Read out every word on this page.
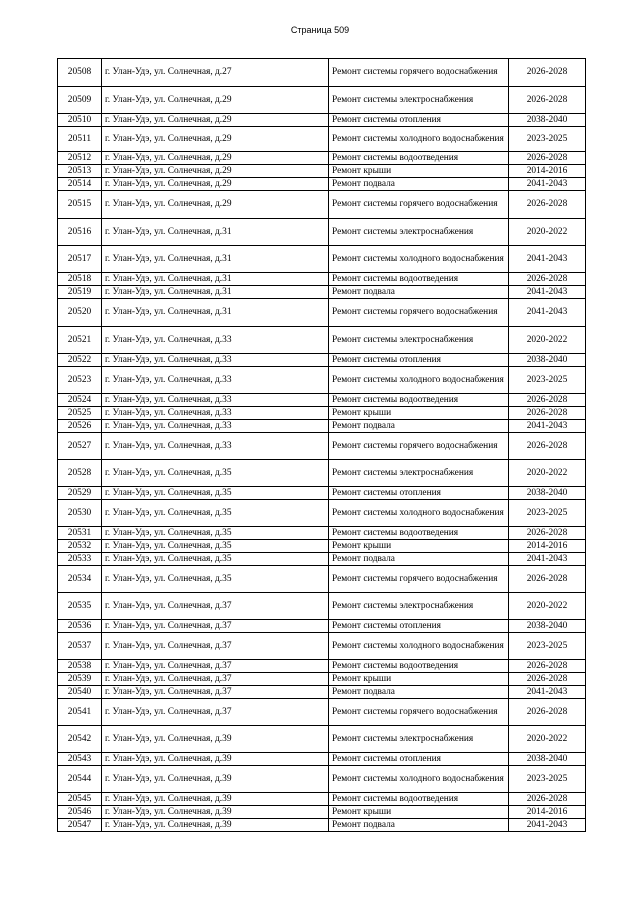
Страница 509
20508	г. Улан-Удэ, ул. Солнечная, д.27	Ремонт системы горячего водоснабжения	2026-2028
20509	г. Улан-Удэ, ул. Солнечная, д.29	Ремонт системы электроснабжения	2026-2028
20510	г. Улан-Удэ, ул. Солнечная, д.29	Ремонт системы отопления	2038-2040
20511	г. Улан-Удэ, ул. Солнечная, д.29	Ремонт системы холодного водоснабжения	2023-2025
20512	г. Улан-Удэ, ул. Солнечная, д.29	Ремонт системы водоотведения	2026-2028
20513	г. Улан-Удэ, ул. Солнечная, д.29	Ремонт крыши	2014-2016
20514	г. Улан-Удэ, ул. Солнечная, д.29	Ремонт подвала	2041-2043
20515	г. Улан-Удэ, ул. Солнечная, д.29	Ремонт системы горячего водоснабжения	2026-2028
20516	г. Улан-Удэ, ул. Солнечная, д.31	Ремонт системы электроснабжения	2020-2022
20517	г. Улан-Удэ, ул. Солнечная, д.31	Ремонт системы холодного водоснабжения	2041-2043
20518	г. Улан-Удэ, ул. Солнечная, д.31	Ремонт системы водоотведения	2026-2028
20519	г. Улан-Удэ, ул. Солнечная, д.31	Ремонт подвала	2041-2043
20520	г. Улан-Удэ, ул. Солнечная, д.31	Ремонт системы горячего водоснабжения	2041-2043
20521	г. Улан-Удэ, ул. Солнечная, д.33	Ремонт системы электроснабжения	2020-2022
20522	г. Улан-Удэ, ул. Солнечная, д.33	Ремонт системы отопления	2038-2040
20523	г. Улан-Удэ, ул. Солнечная, д.33	Ремонт системы холодного водоснабжения	2023-2025
20524	г. Улан-Удэ, ул. Солнечная, д.33	Ремонт системы водоотведения	2026-2028
20525	г. Улан-Удэ, ул. Солнечная, д.33	Ремонт крыши	2026-2028
20526	г. Улан-Удэ, ул. Солнечная, д.33	Ремонт подвала	2041-2043
20527	г. Улан-Удэ, ул. Солнечная, д.33	Ремонт системы горячего водоснабжения	2026-2028
20528	г. Улан-Удэ, ул. Солнечная, д.35	Ремонт системы электроснабжения	2020-2022
20529	г. Улан-Удэ, ул. Солнечная, д.35	Ремонт системы отопления	2038-2040
20530	г. Улан-Удэ, ул. Солнечная, д.35	Ремонт системы холодного водоснабжения	2023-2025
20531	г. Улан-Удэ, ул. Солнечная, д.35	Ремонт системы водоотведения	2026-2028
20532	г. Улан-Удэ, ул. Солнечная, д.35	Ремонт крыши	2014-2016
20533	г. Улан-Удэ, ул. Солнечная, д.35	Ремонт подвала	2041-2043
20534	г. Улан-Удэ, ул. Солнечная, д.35	Ремонт системы горячего водоснабжения	2026-2028
20535	г. Улан-Удэ, ул. Солнечная, д.37	Ремонт системы электроснабжения	2020-2022
20536	г. Улан-Удэ, ул. Солнечная, д.37	Ремонт системы отопления	2038-2040
20537	г. Улан-Удэ, ул. Солнечная, д.37	Ремонт системы холодного водоснабжения	2023-2025
20538	г. Улан-Удэ, ул. Солнечная, д.37	Ремонт системы водоотведения	2026-2028
20539	г. Улан-Удэ, ул. Солнечная, д.37	Ремонт крыши	2026-2028
20540	г. Улан-Удэ, ул. Солнечная, д.37	Ремонт подвала	2041-2043
20541	г. Улан-Удэ, ул. Солнечная, д.37	Ремонт системы горячего водоснабжения	2026-2028
20542	г. Улан-Удэ, ул. Солнечная, д.39	Ремонт системы электроснабжения	2020-2022
20543	г. Улан-Удэ, ул. Солнечная, д.39	Ремонт системы отопления	2038-2040
20544	г. Улан-Удэ, ул. Солнечная, д.39	Ремонт системы холодного водоснабжения	2023-2025
20545	г. Улан-Удэ, ул. Солнечная, д.39	Ремонт системы водоотведения	2026-2028
20546	г. Улан-Удэ, ул. Солнечная, д.39	Ремонт крыши	2014-2016
20547	г. Улан-Удэ, ул. Солнечная, д.39	Ремонт подвала	2041-2043
